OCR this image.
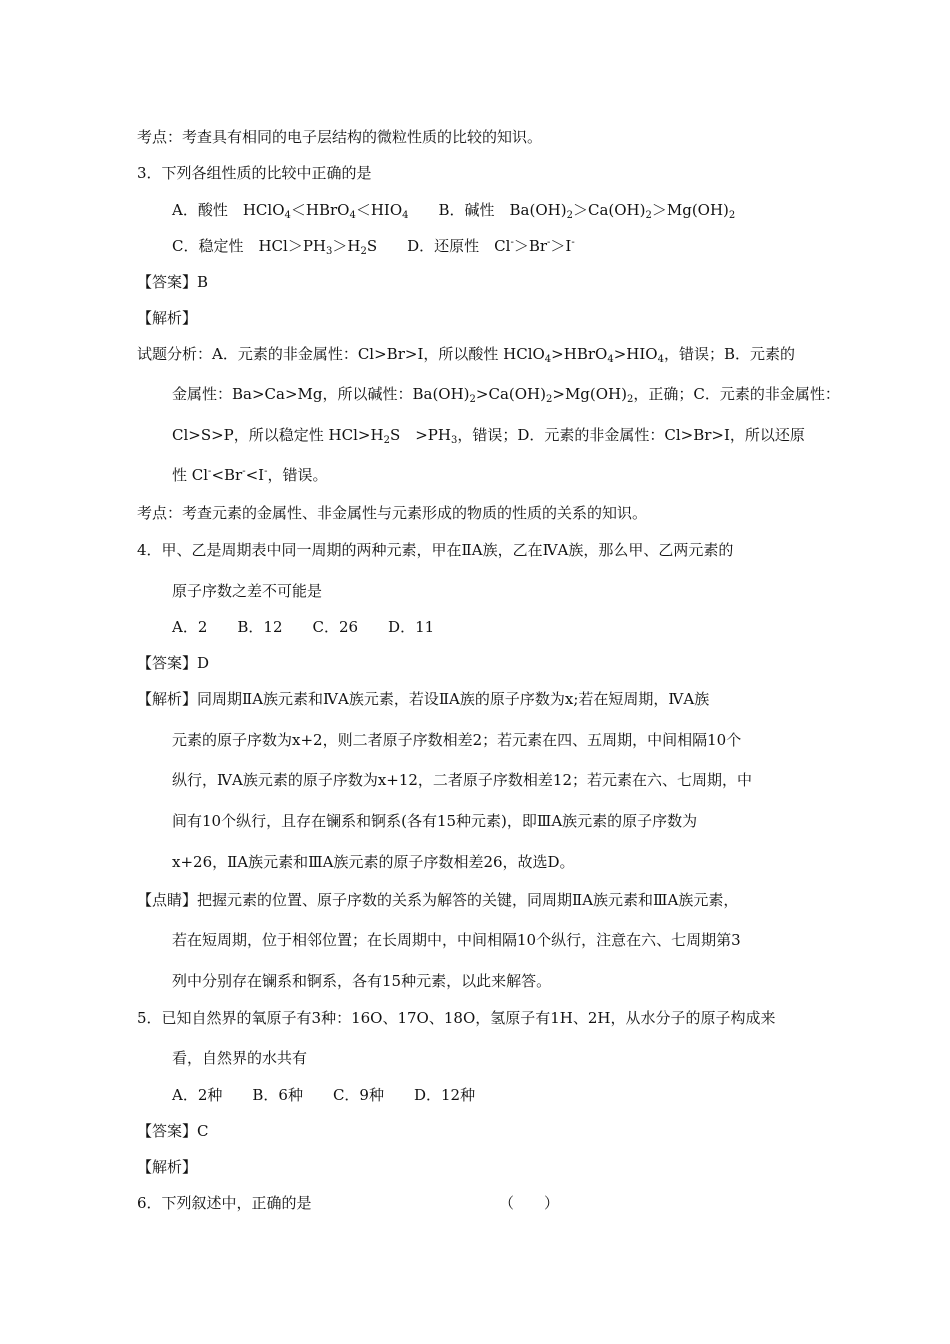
考点：考查具有相同的电子层结构的微粒性质的比较的知识。
3．下列各组性质的比较中正确的是
A．酸性　$HClO_4<HBrO_4<HIO_4$　　B．碱性　$Ba(OH)_2>Ca(OH)_2>Mg(OH)_2$
C．稳定性　$HCl>PH_3>H_2S$　　D．还原性　Cl-＞Br-＞I-
【答案】B
【解析】
试题分析：A．元素的非金属性：Cl>Br>I，所以酸性 $HClO_4>HBrO_4>HIO_4$，错误；B．元素的
金属性：Ba>Ca>Mg，所以碱性：$Ba(OH)_2>Ca(OH)_2>Mg(OH)_2$，正确；C．元素的非金属性：
Cl>S>P，所以稳定性 $HCl>H_2S$　$>PH_3$，错误；D．元素的非金属性：Cl>Br>I，所以还原
性 Cl-<Br-<I-，错误。
考点：考查元素的金属性、非金属性与元素形成的物质的性质的关系的知识。
4．甲、乙是周期表中同一周期的两种元素，甲在ⅡA族，乙在ⅣA族，那么甲、乙两元素的
原子序数之差不可能是
A．2　　B．12　　C．26　　D．11
【答案】D
【解析】同周期ⅡA族元素和ⅣA族元素，若设ⅡA族的原子序数为x;若在短周期，ⅣA族
元素的原子序数为x+2，则二者原子序数相差2；若元素在四、五周期，中间相隔10个
纵行，ⅣA族元素的原子序数为x+12，二者原子序数相差12；若元素在六、七周期，中
间有10个纵行，且存在镧系和锕系(各有15种元素)，即ⅢA族元素的原子序数为
x+26，ⅡA族元素和ⅢA族元素的原子序数相差26，故选D。
【点睛】把握元素的位置、原子序数的关系为解答的关键，同周期ⅡA族元素和ⅢA族元素，
若在短周期，位于相邻位置；在长周期中，中间相隔10个纵行，注意在六、七周期第3
列中分别存在镧系和锕系，各有15种元素，以此来解答。
5．已知自然界的氧原子有3种：16O、17O、18O，氢原子有1H、2H，从水分子的原子构成来
看，自然界的水共有
A．2种　　B．6种　　C．9种　　D．12种
【答案】C
【解析】
6．下列叙述中，正确的是　　　　　　　　　　　　　（　　）
